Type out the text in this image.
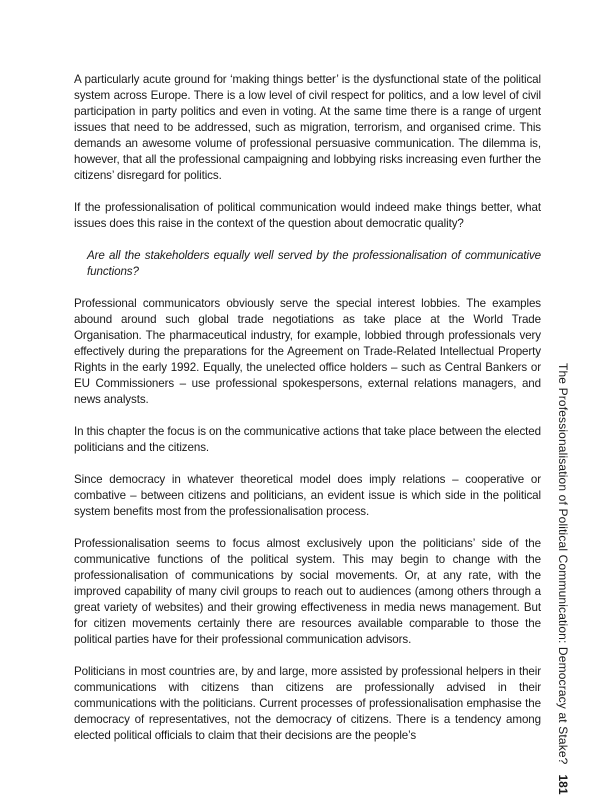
A particularly acute ground for ‘making things better’ is the dysfunctional state of the political system across Europe. There is a low level of civil respect for politics, and a low level of civil participation in party politics and even in voting. At the same time there is a range of urgent issues that need to be addressed, such as migration, terrorism, and organised crime. This demands an awesome volume of professional persuasive communication. The dilemma is, however, that all the professional campaigning and lobbying risks increasing even further the citizens’ disregard for politics.

If the professionalisation of political communication would indeed make things better, what issues does this raise in the context of the question about democratic quality?

Are all the stakeholders equally well served by the professionalisation of communicative functions?

Professional communicators obviously serve the special interest lobbies. The examples abound around such global trade negotiations as take place at the World Trade Organisation. The pharmaceutical industry, for example, lobbied through professionals very effectively during the preparations for the Agreement on Trade-Related Intellectual Property Rights in the early 1992. Equally, the unelected office holders – such as Central Bankers or EU Commissioners – use professional spokespersons, external relations managers, and news analysts.

In this chapter the focus is on the communicative actions that take place between the elected politicians and the citizens.

Since democracy in whatever theoretical model does imply relations – cooperative or combative – between citizens and politicians, an evident issue is which side in the political system benefits most from the professionalisation process.

Professionalisation seems to focus almost exclusively upon the politicians’ side of the communicative functions of the political system. This may begin to change with the professionalisation of communications by social movements. Or, at any rate, with the improved capability of many civil groups to reach out to audiences (among others through a great variety of websites) and their growing effectiveness in media news management. But for citizen movements certainly there are resources available comparable to those the political parties have for their professional communication advisors.

Politicians in most countries are, by and large, more assisted by professional helpers in their communications with citizens than citizens are professionally advised in their communications with the politicians. Current processes of professionalisation emphasise the democracy of representatives, not the democracy of citizens. There is a tendency among elected political officials to claim that their decisions are the people’s	The Professionalisation of Political Communication: Democracy at Stake?181
